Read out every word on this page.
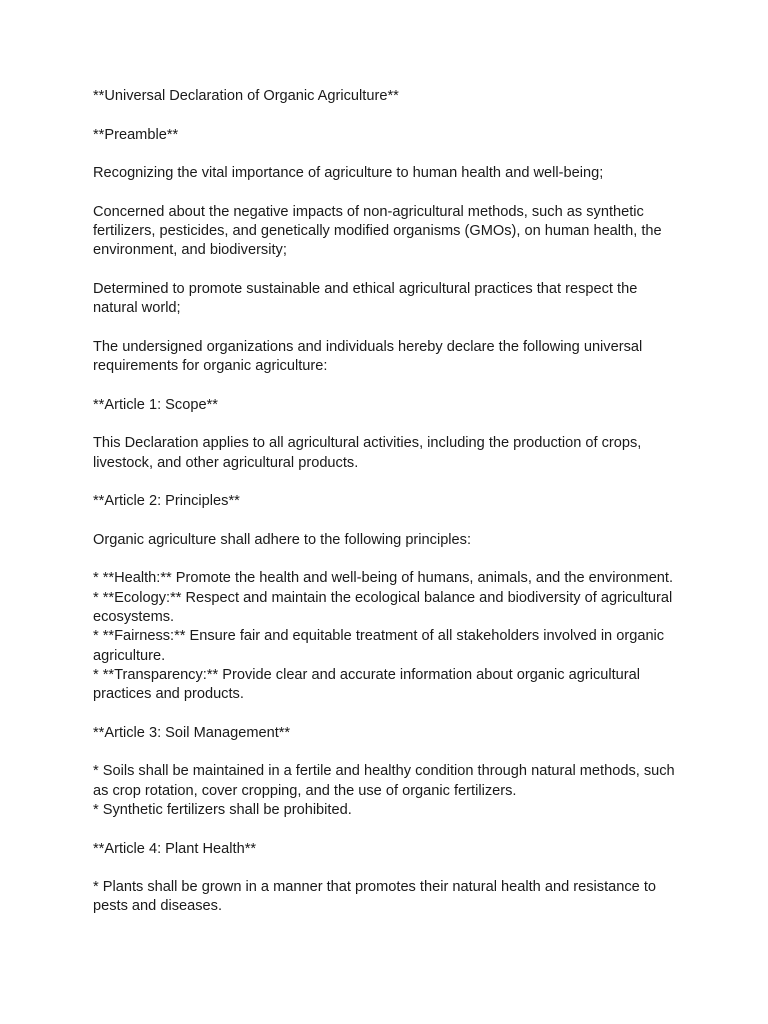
**Universal Declaration of Organic Agriculture**

**Preamble**

Recognizing the vital importance of agriculture to human health and well-being;

Concerned about the negative impacts of non-agricultural methods, such as synthetic fertilizers, pesticides, and genetically modified organisms (GMOs), on human health, the environment, and biodiversity;

Determined to promote sustainable and ethical agricultural practices that respect the natural world;

The undersigned organizations and individuals hereby declare the following universal requirements for organic agriculture:

**Article 1: Scope**

This Declaration applies to all agricultural activities, including the production of crops, livestock, and other agricultural products.

**Article 2: Principles**

Organic agriculture shall adhere to the following principles:

* **Health:** Promote the health and well-being of humans, animals, and the environment.
* **Ecology:** Respect and maintain the ecological balance and biodiversity of agricultural ecosystems.
* **Fairness:** Ensure fair and equitable treatment of all stakeholders involved in organic agriculture.
* **Transparency:** Provide clear and accurate information about organic agricultural practices and products.

**Article 3: Soil Management**

* Soils shall be maintained in a fertile and healthy condition through natural methods, such as crop rotation, cover cropping, and the use of organic fertilizers.
* Synthetic fertilizers shall be prohibited.

**Article 4: Plant Health**

* Plants shall be grown in a manner that promotes their natural health and resistance to pests and diseases.
